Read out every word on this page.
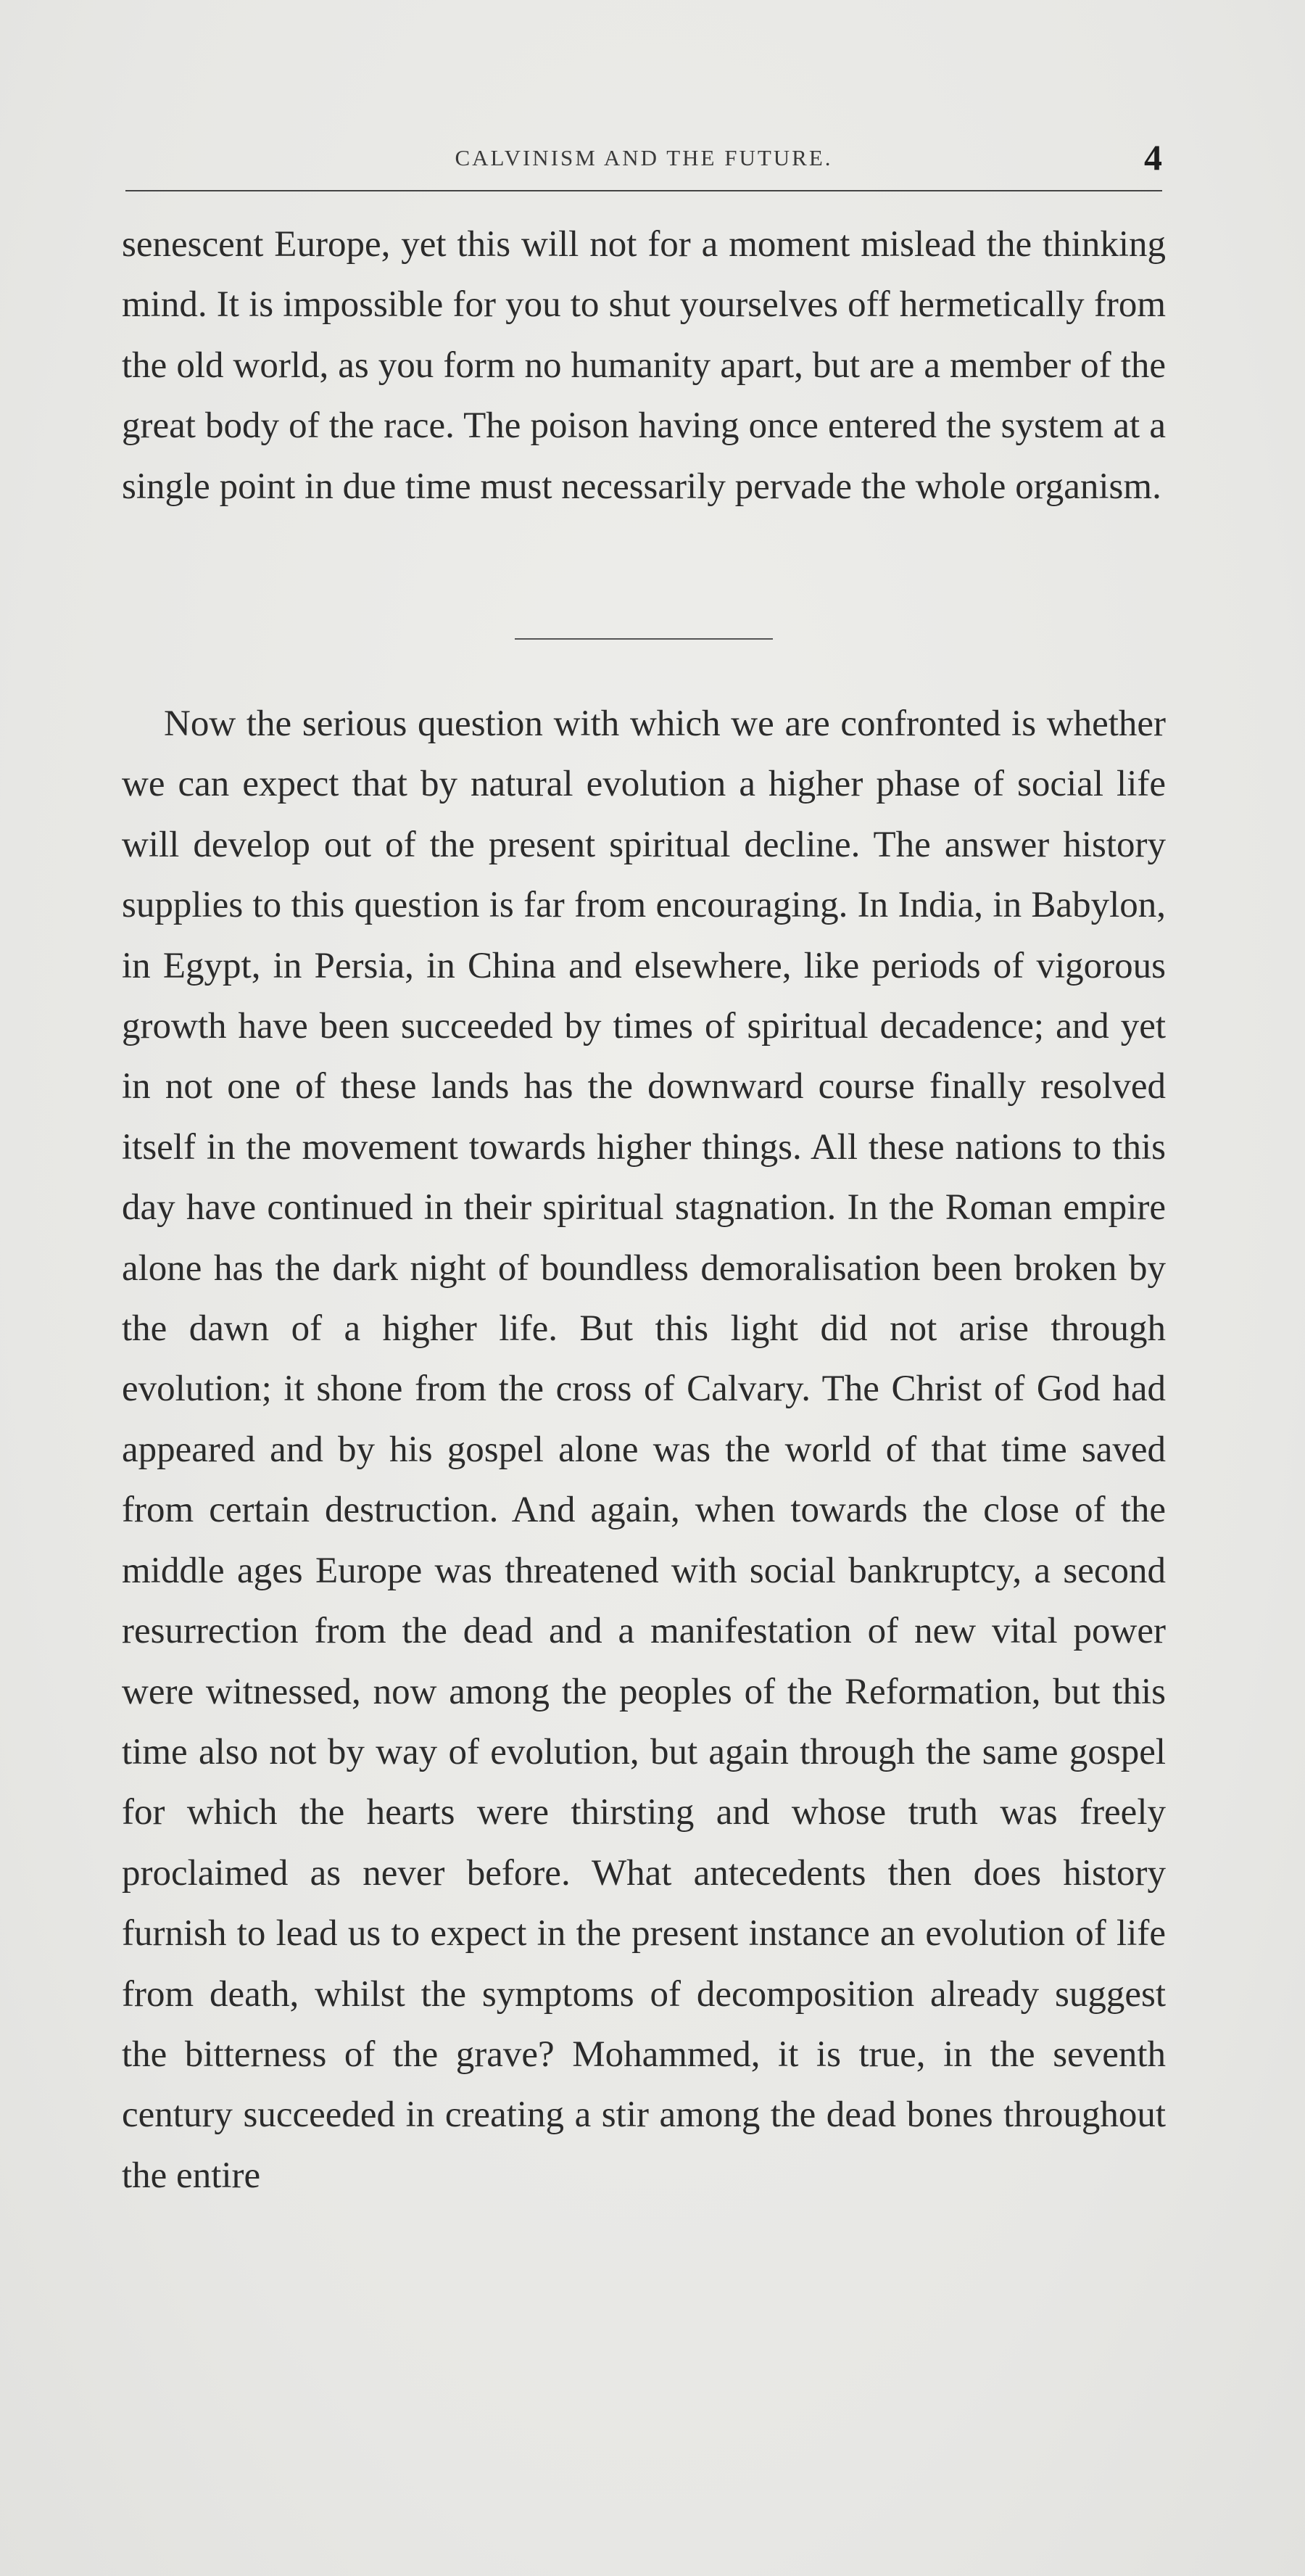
CALVINISM AND THE FUTURE.	4

senescent Europe, yet this will not for a moment mislead the thinking mind. It is impossible for you to shut yourselves off hermetically from the old world, as you form no humanity apart, but are a member of the great body of the race. The poison having once entered the system at a single point in due time must necessarily pervade the whole organism.

Now the serious question with which we are confronted is whether we can expect that by natural evolution a higher phase of social life will develop out of the present spiritual decline. The answer history supplies to this question is far from encouraging. In India, in Babylon, in Egypt, in Persia, in China and elsewhere, like periods of vigorous growth have been succeeded by times of spiritual decadence; and yet in not one of these lands has the downward course finally resolved itself in the movement towards higher things. All these nations to this day have continued in their spiritual stagnation. In the Roman empire alone has the dark night of boundless demoralisation been broken by the dawn of a higher life. But this light did not arise through evolution; it shone from the cross of Calvary. The Christ of God had appeared and by his gospel alone was the world of that time saved from certain destruction. And again, when towards the close of the middle ages Europe was threatened with social bankruptcy, a second resurrection from the dead and a manifestation of new vital power were witnessed, now among the peoples of the Reformation, but this time also not by way of evolution, but again through the same gospel for which the hearts were thirsting and whose truth was freely proclaimed as never before. What antecedents then does history furnish to lead us to expect in the present instance an evolution of life from death, whilst the symptoms of decomposition already suggest the bitterness of the grave? Mohammed, it is true, in the seventh century succeeded in creating a stir among the dead bones throughout the entire
